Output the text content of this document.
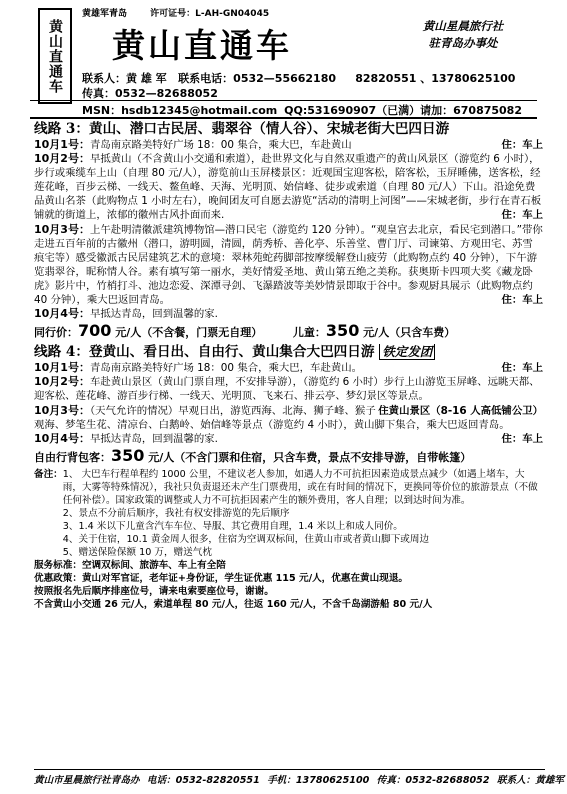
黄山直通车
黄雄军青岛	许可证号：L-AH-GN04045
黄山直通车	黄山星晨旅行社
驻青岛办事处
联系人：黄 雄 军 联系电话：0532—55662180 82820551 、13780625100
传真：0532—82688052
MSN：hsdb12345@hotmail.com QQ:531690907（已满）请加：670875082
线路 3：黄山、潜口古民居、翡翠谷（情人谷）、宋城老街大巴四日游

住：车上
10月1号：青岛南京路美特好广场 18：00 集合，乘大巴，车赴黄山

10月2号：早抵黄山（不含黄山小交通和索道），赴世界文化与自然双重遗产的黄山风景区（游览约 6 小时），步行或乘缆车上山（自理 80 元/人），游览前山玉屏楼景区：近观国宝迎客松，陪客松，玉屏睡佛，送客松，经莲花峰，百步云梯、一线天、鳌鱼峰、天海、光明顶、始信峰、徒步或索道（自理 80 元/人）下山。沿途免费品黄山名茶（此购物点 1 小时左右），晚间团友可自愿去游览“活动的清明上河图”——宋城老街，步行在青石板铺就的街道上，浓郁的徽州古风扑面而来.	住：车上

10月3号：上午赴明清徽派建筑博物馆—潜口民宅（游览约 120 分钟）。“观皇宫去北京，看民宅到潜口。”带你走进五百年前的古徽州（潜口，游明圆，清圆，荫秀桥、善化亭、乐善堂、曹门厅、司谏第、方观田宅、苏雪痕宅等）感受徽派古民居建筑艺术的意境：翠林苑蛇药脚部按摩缓解登山疲劳（此购物点约 40 分钟），下午游览翡翠谷，昵称情人谷。素有填写第一丽水，美好情爱圣地、黄山第五绝之美称。获奥斯卡四项大奖《藏龙卧虎》影片中，竹梢打斗、池边恋爱、深潭寻剑、飞瀑踏波等美妙情景即取于谷中。参观厨具展示（此购物点约 40 分钟），乘大巴返回青岛。	住：车上

10月4号：早抵达青岛，回到温馨的家.

同行价：700 元/人（不含餐，门票无自理）	儿童：350 元/人（只含车费）
线路 4：登黄山、看日出、自由行、黄山集合大巴四日游 铁定发团

住：车上
10月1号：青岛南京路美特好广场 18：00 集合，乘大巴，车赴黄山。

10月2号：车赴黄山景区（黄山门票自理，不安排导游），（游览约 6 小时）步行上山游览玉屏峰、远眺天都、迎客松、莲花峰、游百步行梯、一线天、光明顶、飞来石、排云亭、梦幻景区等景点。
住黄山景区（8-16 人高低铺公卫）

10月3号：（天气允许的情况）早观日出，游览西海、北海、狮子峰、猴子观海、梦笔生花、清凉台、白鹅岭、始信峰等景点（游览约 4 小时），黄山脚下集合，乘大巴返回青岛。
住：车上

10月4号：早抵达青岛，回到温馨的家.

自由行背包客：350 元/人（不含门票和住宿，只含车费，景点不安排导游，自带帐篷）
备注： 1、 大巴车行程单程约 1000 公里，不建议老人参加，如遇人力不可抗拒因素造成景点减少（如遇上堵车，大雨，大雾等特殊情况），我社只负责退还未产生门票费用，或在有时间的情况下，更换同等价位的旅游景点（不做任何补偿）。国家政策的调整或人力不可抗拒因素产生的额外费用，客人自理；以到达时间为准。
2、景点不分前后顺序，我社有权安排游览的先后顺序
3、1.4 米以下儿童含汽车车位、导服、其它费用自理，1.4 米以上和成人同价。
4、关于住宿，10.1 黄金周人很多，住宿为空调双标间，住黄山市或者黄山脚下或周边
5、赠送保险保额 10 万，赠送气枕
服务标准：空调双标间、旅游车、车上有全陪
优惠政策：黄山对军官证，老年证+身份证，学生证优惠 115 元/人，优惠在黄山现退。
按照报名先后顺序排座位号，请来电索要座位号，谢谢。
不含黄山小交通 26 元/人，索道单程 80 元/人，往返 160 元/人，不含千岛湖游船 80 元/人
黄山市星晨旅行社青岛办 电话：0532-82820551 手机：13780625100 传真：0532-82688052 联系人：黄雄军
